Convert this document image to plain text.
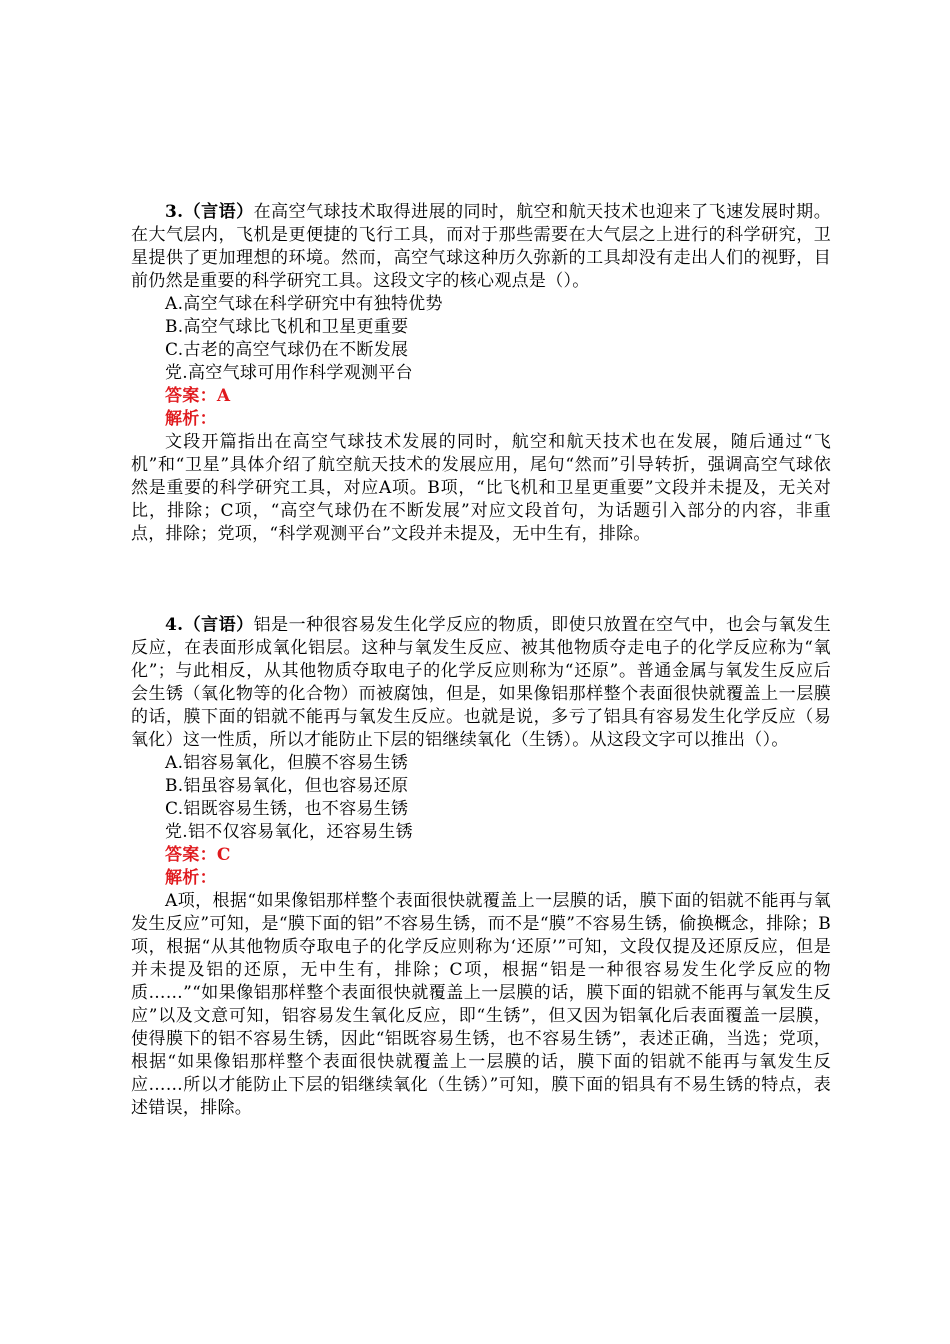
3.（言语）在高空气球技术取得进展的同时，航空和航天技术也迎来了飞速发展时期。在大气层内，飞机是更便捷的飞行工具，而对于那些需要在大气层之上进行的科学研究，卫星提供了更加理想的环境。然而，高空气球这种历久弥新的工具却没有走出人们的视野，目前仍然是重要的科学研究工具。这段文字的核心观点是（）。

A.高空气球在科学研究中有独特优势

B.高空气球比飞机和卫星更重要

C.古老的高空气球仍在不断发展

党.高空气球可用作科学观测平台

答案：A

解析：

文段开篇指出在高空气球技术发展的同时，航空和航天技术也在发展，随后通过“飞机”和“卫星”具体介绍了航空航天技术的发展应用，尾句“然而”引导转折，强调高空气球依然是重要的科学研究工具，对应A项。B项，“比飞机和卫星更重要”文段并未提及，无关对比，排除；C项，“高空气球仍在不断发展”对应文段首句，为话题引入部分的内容，非重点，排除；党项，“科学观测平台”文段并未提及，无中生有，排除。

4.（言语）铝是一种很容易发生化学反应的物质，即使只放置在空气中，也会与氧发生反应，在表面形成氧化铝层。这种与氧发生反应、被其他物质夺走电子的化学反应称为“氧化”；与此相反，从其他物质夺取电子的化学反应则称为“还原”。普通金属与氧发生反应后会生锈（氧化物等的化合物）而被腐蚀，但是，如果像铝那样整个表面很快就覆盖上一层膜的话，膜下面的铝就不能再与氧发生反应。也就是说，多亏了铝具有容易发生化学反应（易氧化）这一性质，所以才能防止下层的铝继续氧化（生锈）。从这段文字可以推出（）。

A.铝容易氧化，但膜不容易生锈

B.铝虽容易氧化，但也容易还原

C.铝既容易生锈，也不容易生锈

党.铝不仅容易氧化，还容易生锈

答案：C

解析：

A项，根据“如果像铝那样整个表面很快就覆盖上一层膜的话，膜下面的铝就不能再与氧发生反应”可知，是“膜下面的铝”不容易生锈，而不是“膜”不容易生锈，偷换概念，排除；B项，根据“从其他物质夺取电子的化学反应则称为‘还原’”可知，文段仅提及还原反应，但是并未提及铝的还原，无中生有，排除；C项，根据“铝是一种很容易发生化学反应的物质……”“如果像铝那样整个表面很快就覆盖上一层膜的话，膜下面的铝就不能再与氧发生反应”以及文意可知，铝容易发生氧化反应，即“生锈”，但又因为铝氧化后表面覆盖一层膜，使得膜下的铝不容易生锈，因此“铝既容易生锈，也不容易生锈”，表述正确，当选；党项，根据“如果像铝那样整个表面很快就覆盖上一层膜的话，膜下面的铝就不能再与氧发生反应……所以才能防止下层的铝继续氧化（生锈）”可知，膜下面的铝具有不易生锈的特点，表述错误，排除。
